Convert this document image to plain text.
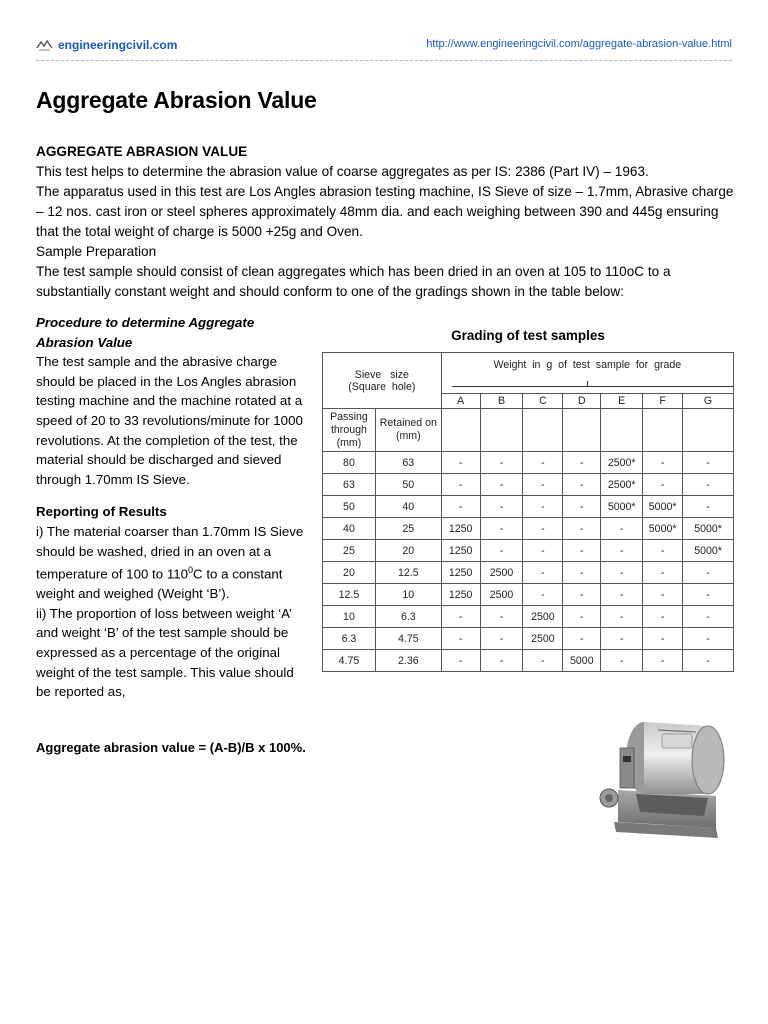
engineeringcivil.com	http://www.engineeringcivil.com/aggregate-abrasion-value.html
Aggregate Abrasion Value

AGGREGATE ABRASION VALUE

This test helps to determine the abrasion value of coarse aggregates as per IS: 2386 (Part IV) – 1963.

The apparatus used in this test are Los Angles abrasion testing machine, IS Sieve of size – 1.7mm, Abrasive charge – 12 nos. cast iron or steel spheres approximately 48mm dia. and each weighing between 390 and 445g ensuring that the total weight of charge is 5000 +25g and Oven.

Sample Preparation

The test sample should consist of clean aggregates which has been dried in an oven at 105 to 110oC to a substantially constant weight and should conform to one of the gradings shown in the table below:

Procedure to determine Aggregate Abrasion Value

The test sample and the abrasive charge should be placed in the Los Angles abrasion testing machine and the machine rotated at a speed of 20 to 33 revolutions/minute for 1000 revolutions. At the completion of the test, the material should be discharged and sieved through 1.70mm IS Sieve.

Reporting of Results

i) The material coarser than 1.70mm IS Sieve should be washed, dried in an oven at a temperature of 100 to $110^0C$ to a constant weight and weighed (Weight ‘B’).

ii) The proportion of loss between weight ‘A’ and weight ‘B’ of the test sample should be expressed as a percentage of the original weight of the test sample. This value should be reported as,

Aggregate abrasion value = (A-B)/B x 100%.
Grading of test samples
Sieve   size
(Square  hole)		Weight  in  g  of  test  sample  for  grade						

		A	B	C	D	E	F	G
Passing through (mm)	Retained on (mm)							
80	63	-	-	-	-	2500*	-	-
63	50	-	-	-	-	2500*	-	-
50	40	-	-	-	-	5000*	5000*	-
40	25	1250	-	-	-	-	5000*	5000*
25	20	1250	-	-	-	-	-	5000*
20	12.5	1250	2500	-	-	-	-	-
12.5	10	1250	2500	-	-	-	-	-
10	6.3	-	-	2500	-	-	-	-
6.3	4.75	-	-	2500	-	-	-	-
4.75	2.36	-	-	-	5000	-	-	-
